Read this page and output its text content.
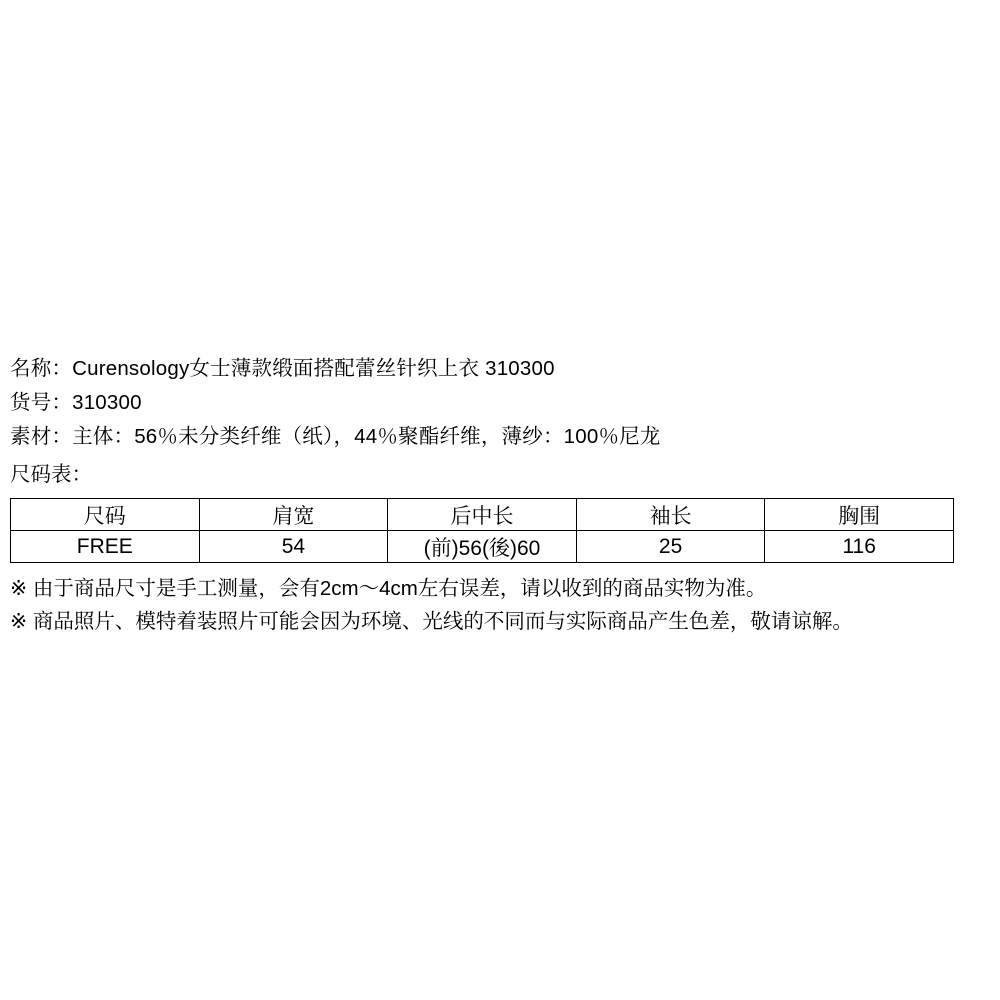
名称：Curensology女士薄款缎面搭配蕾丝针织上衣 310300
货号：310300
素材：主体：56％未分类纤维（纸），44％聚酯纤维，薄纱：100％尼龙
尺码表：
尺码	肩宽	后中长	袖长	胸围
FREE	54	(前)56(後)60	25	116
※ 由于商品尺寸是手工测量，会有2cm～4cm左右误差，请以收到的商品实物为准。
※ 商品照片、模特着装照片可能会因为环境、光线的不同而与实际商品产生色差，敬请谅解。
